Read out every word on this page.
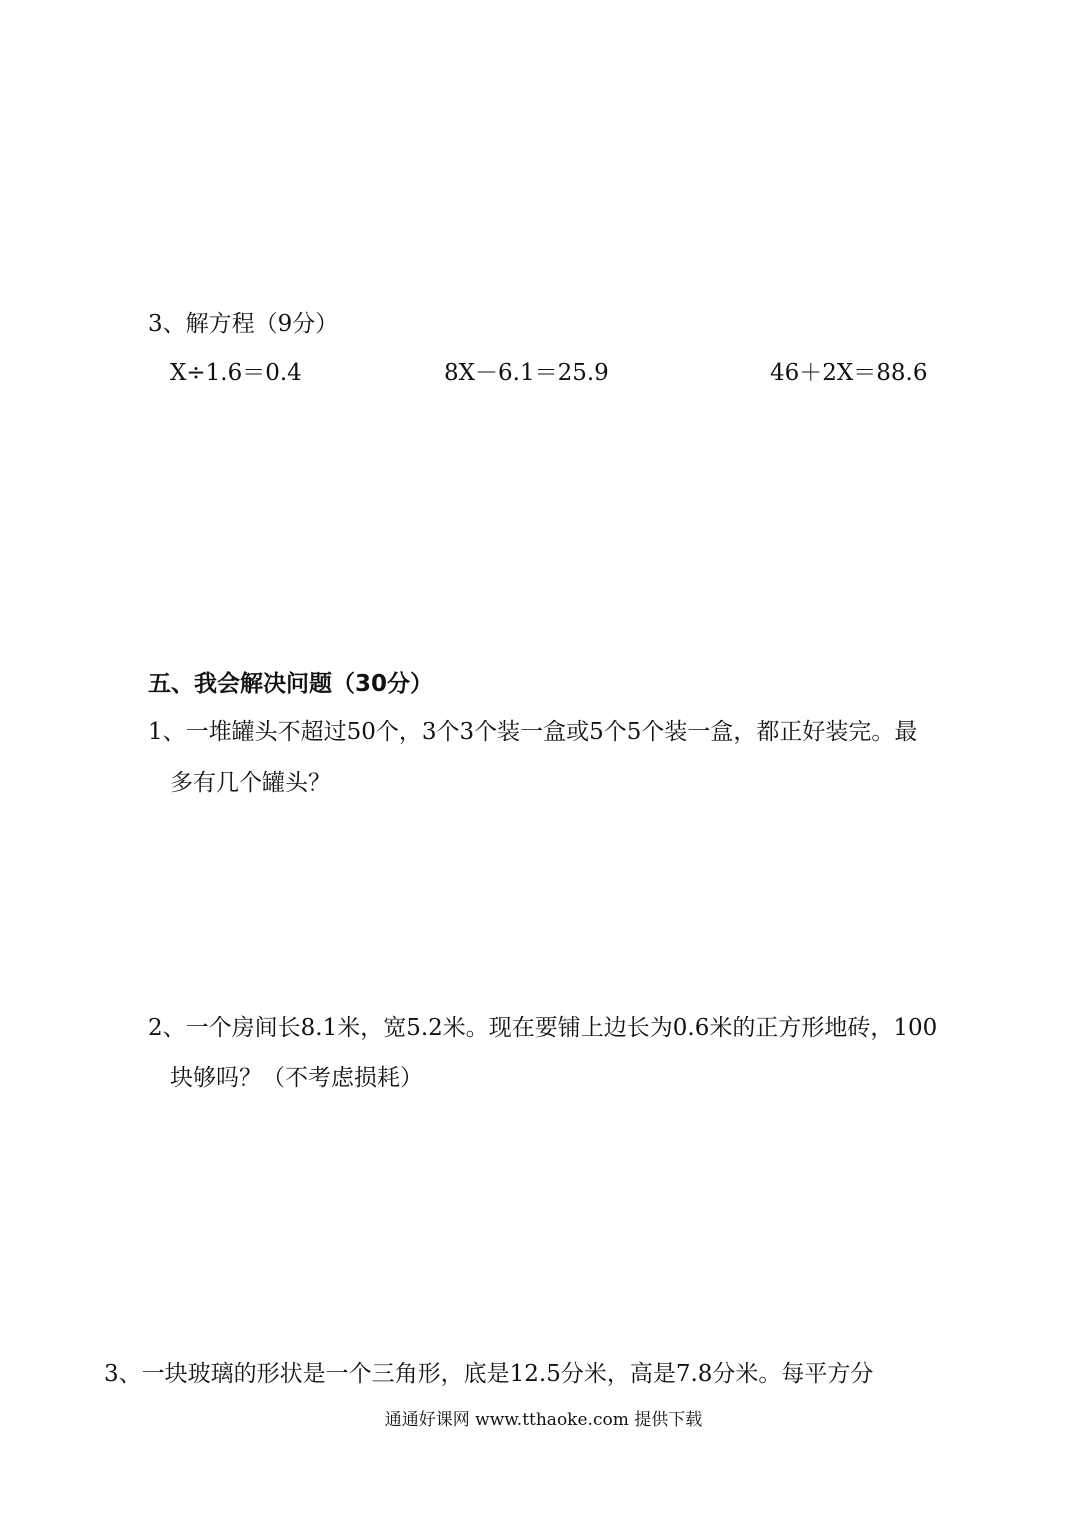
3、解方程（9分）
X÷1.6＝0.4	8X－6.1＝25.9	46＋2X＝88.6
五、我会解决问题（30分）
1、一堆罐头不超过50个，3个3个装一盒或5个5个装一盒，都正好装完。最
多有几个罐头？
2、一个房间长8.1米，宽5.2米。现在要铺上边长为0.6米的正方形地砖，100
块够吗？（不考虑损耗）
3、一块玻璃的形状是一个三角形，底是12.5分米，高是7.8分米。每平方分
通通好课网 www.tthaoke.com 提供下载
